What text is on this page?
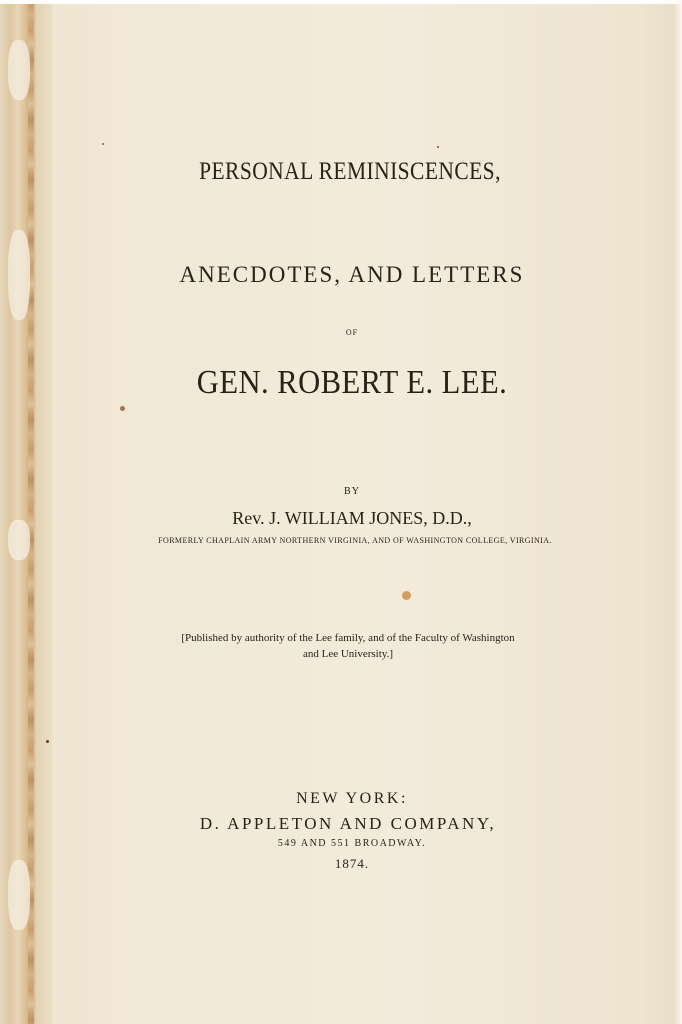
PERSONAL REMINISCENCES,

ANECDOTES, AND LETTERS

OF

GEN. ROBERT E. LEE.

BY

Rev. J. WILLIAM JONES, D.D.,

FORMERLY CHAPLAIN ARMY NORTHERN VIRGINIA, AND OF WASHINGTON COLLEGE, VIRGINIA.

[Published by authority of the Lee family, and of the Faculty of Washington
and Lee University.]

NEW YORK:

D. APPLETON AND COMPANY,

549 AND 551 BROADWAY.

1874.
